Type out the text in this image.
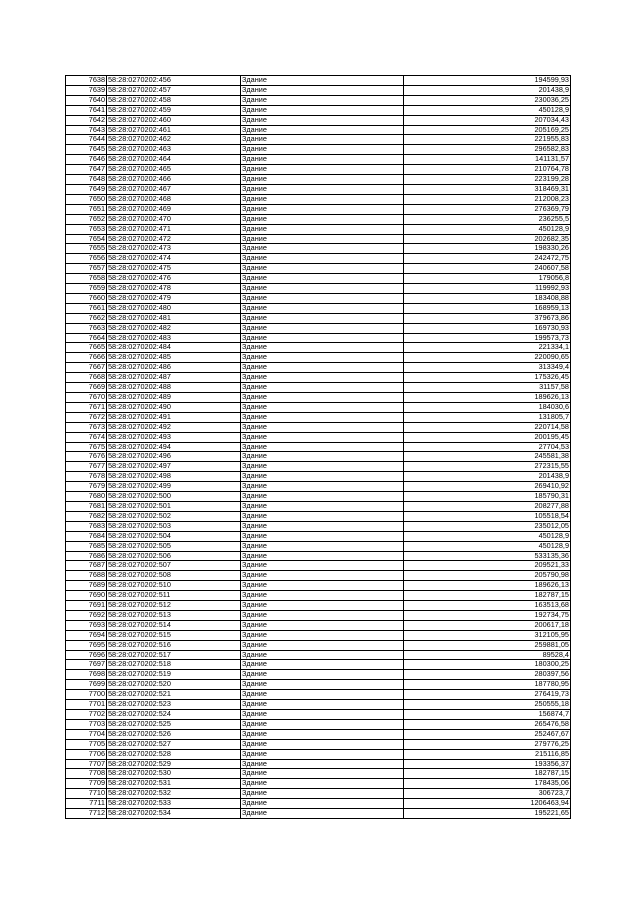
7638	58:28:0270202:456	Здание	194599,93
7639	58:28:0270202:457	Здание	201438,9
7640	58:28:0270202:458	Здание	230036,25
7641	58:28:0270202:459	Здание	450128,9
7642	58:28:0270202:460	Здание	207034,43
7643	58:28:0270202:461	Здание	205169,25
7644	58:28:0270202:462	Здание	221955,83
7645	58:28:0270202:463	Здание	296582,83
7646	58:28:0270202:464	Здание	141131,57
7647	58:28:0270202:465	Здание	210764,78
7648	58:28:0270202:466	Здание	223199,28
7649	58:28:0270202:467	Здание	318469,31
7650	58:28:0270202:468	Здание	212008,23
7651	58:28:0270202:469	Здание	276369,79
7652	58:28:0270202:470	Здание	236255,5
7653	58:28:0270202:471	Здание	450128,9
7654	58:28:0270202:472	Здание	202682,35
7655	58:28:0270202:473	Здание	198330,26
7656	58:28:0270202:474	Здание	242472,75
7657	58:28:0270202:475	Здание	240607,58
7658	58:28:0270202:476	Здание	179056,8
7659	58:28:0270202:478	Здание	119992,93
7660	58:28:0270202:479	Здание	183408,88
7661	58:28:0270202:480	Здание	168959,13
7662	58:28:0270202:481	Здание	379673,86
7663	58:28:0270202:482	Здание	169730,93
7664	58:28:0270202:483	Здание	199573,73
7665	58:28:0270202:484	Здание	221334,1
7666	58:28:0270202:485	Здание	220090,65
7667	58:28:0270202:486	Здание	313349,4
7668	58:28:0270202:487	Здание	175326,45
7669	58:28:0270202:488	Здание	31157,58
7670	58:28:0270202:489	Здание	189626,13
7671	58:28:0270202:490	Здание	184030,6
7672	58:28:0270202:491	Здание	131805,7
7673	58:28:0270202:492	Здание	220714,58
7674	58:28:0270202:493	Здание	200195,45
7675	58:28:0270202:494	Здание	27704,53
7676	58:28:0270202:496	Здание	245581,38
7677	58:28:0270202:497	Здание	272315,55
7678	58:28:0270202:498	Здание	201438,9
7679	58:28:0270202:499	Здание	269410,92
7680	58:28:0270202:500	Здание	185790,31
7681	58:28:0270202:501	Здание	208277,88
7682	58:28:0270202:502	Здание	105518,54
7683	58:28:0270202:503	Здание	235012,05
7684	58:28:0270202:504	Здание	450128,9
7685	58:28:0270202:505	Здание	450128,9
7686	58:28:0270202:506	Здание	533135,36
7687	58:28:0270202:507	Здание	209521,33
7688	58:28:0270202:508	Здание	205790,98
7689	58:28:0270202:510	Здание	189626,13
7690	58:28:0270202:511	Здание	182787,15
7691	58:28:0270202:512	Здание	163513,68
7692	58:28:0270202:513	Здание	192734,75
7693	58:28:0270202:514	Здание	200617,18
7694	58:28:0270202:515	Здание	312105,95
7695	58:28:0270202:516	Здание	259881,05
7696	58:28:0270202:517	Здание	89528,4
7697	58:28:0270202:518	Здание	180300,25
7698	58:28:0270202:519	Здание	280397,56
7699	58:28:0270202:520	Здание	187780,95
7700	58:28:0270202:521	Здание	276419,73
7701	58:28:0270202:523	Здание	250555,18
7702	58:28:0270202:524	Здание	156874,7
7703	58:28:0270202:525	Здание	265476,58
7704	58:28:0270202:526	Здание	252467,67
7705	58:28:0270202:527	Здание	279776,25
7706	58:28:0270202:528	Здание	215116,85
7707	58:28:0270202:529	Здание	193356,37
7708	58:28:0270202:530	Здание	182787,15
7709	58:28:0270202:531	Здание	178435,06
7710	58:28:0270202:532	Здание	306723,7
7711	58:28:0270202:533	Здание	1206463,94
7712	58:28:0270202:534	Здание	195221,65
